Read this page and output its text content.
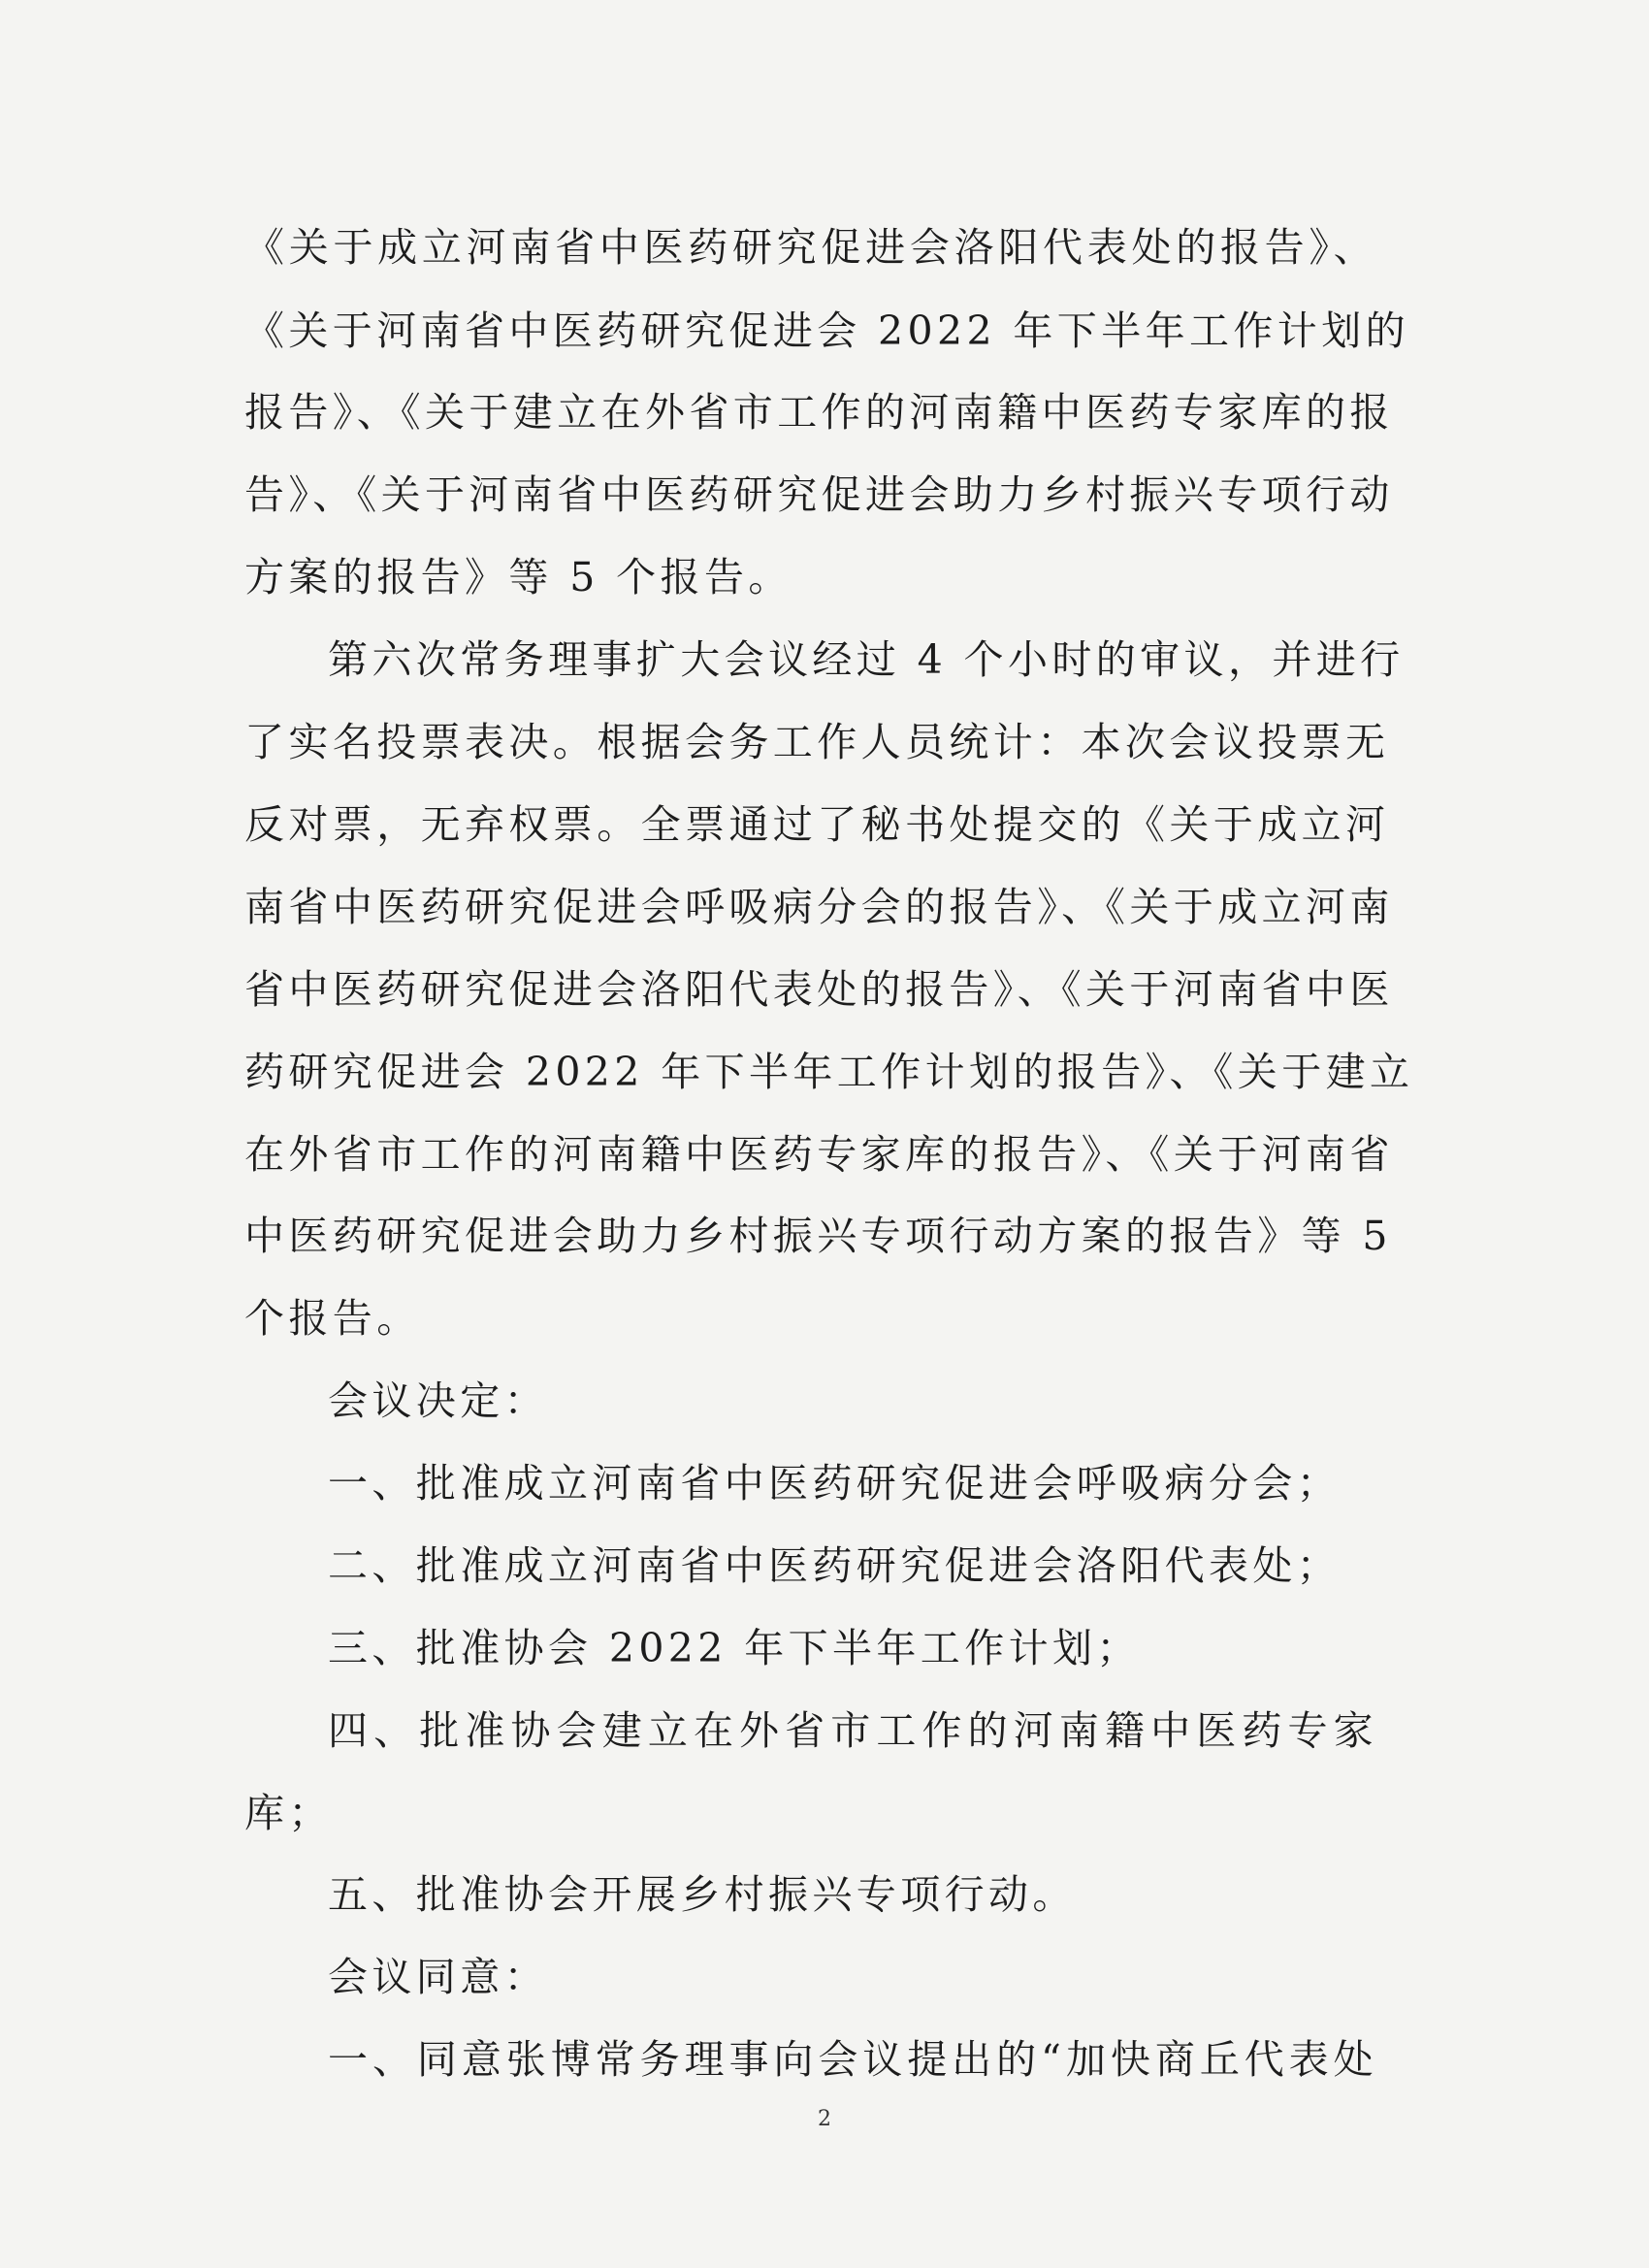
《关于成立河南省中医药研究促进会洛阳代表处的报告》、
《关于河南省中医药研究促进会 2022 年下半年工作计划的
报告》、《关于建立在外省市工作的河南籍中医药专家库的报
告》、《关于河南省中医药研究促进会助力乡村振兴专项行动
方案的报告》等 5 个报告。
第六次常务理事扩大会议经过 4 个小时的审议，并进行
了实名投票表决。根据会务工作人员统计：本次会议投票无
反对票，无弃权票。全票通过了秘书处提交的《关于成立河
南省中医药研究促进会呼吸病分会的报告》、《关于成立河南
省中医药研究促进会洛阳代表处的报告》、《关于河南省中医
药研究促进会 2022 年下半年工作计划的报告》、《关于建立
在外省市工作的河南籍中医药专家库的报告》、《关于河南省
中医药研究促进会助力乡村振兴专项行动方案的报告》等 5
个报告。
会议决定：
一、批准成立河南省中医药研究促进会呼吸病分会；
二、批准成立河南省中医药研究促进会洛阳代表处；
三、批准协会 2022 年下半年工作计划；
四、批准协会建立在外省市工作的河南籍中医药专家
库；
五、批准协会开展乡村振兴专项行动。
会议同意：
一、同意张博常务理事向会议提出的“加快商丘代表处
2
